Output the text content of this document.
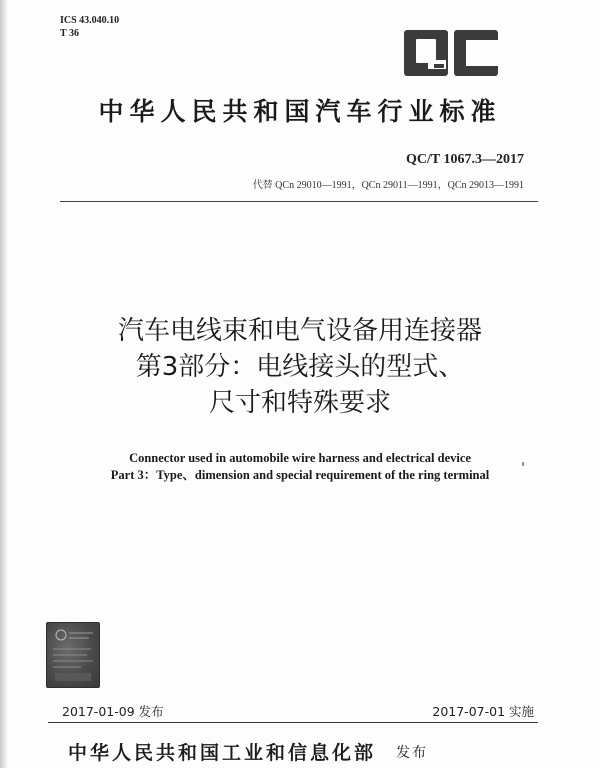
ICS 43.040.10
T 36
中华人民共和国汽车行业标准
QC/T 1067.3—2017
代替 QCn 29010—1991，QCn 29011—1991，QCn 29013—1991
汽车电线束和电气设备用连接器
第3部分：电线接头的型式、
尺寸和特殊要求
Connector used in automobile wire harness and electrical device
Part 3：Type、dimension and special requirement of the ring terminal
2017-01-09 发布	2017-07-01 实施
中华人民共和国工业和信息化部 发布
